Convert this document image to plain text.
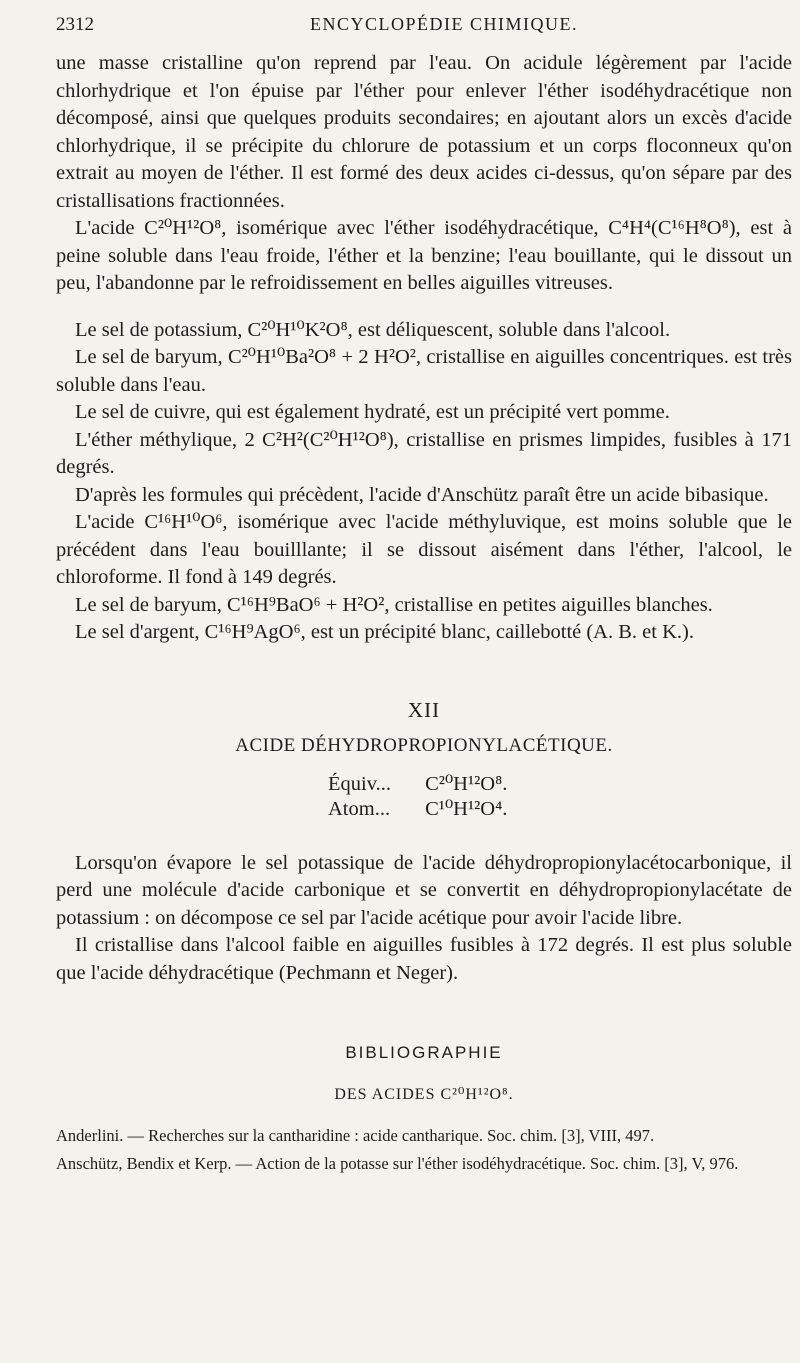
2312	ENCYCLOPÉDIE CHIMIQUE.

une masse cristalline qu'on reprend par l'eau. On acidule légèrement par l'acide chlorhydrique et l'on épuise par l'éther pour enlever l'éther isodéhydracétique non décomposé, ainsi que quelques produits secondaires; en ajoutant alors un excès d'acide chlorhydrique, il se précipite du chlorure de potassium et un corps floconneux qu'on extrait au moyen de l'éther. Il est formé des deux acides ci-dessus, qu'on sépare par des cristallisations fractionnées.

L'acide C²⁰H¹²O⁸, isomérique avec l'éther isodéhydracétique, C⁴H⁴(C¹⁶H⁸O⁸), est à peine soluble dans l'eau froide, l'éther et la benzine; l'eau bouillante, qui le dissout un peu, l'abandonne par le refroidissement en belles aiguilles vitreuses.

Le sel de potassium, C²⁰H¹⁰K²O⁸, est déliquescent, soluble dans l'alcool.

Le sel de baryum, C²⁰H¹⁰Ba²O⁸ + 2 H²O², cristallise en aiguilles concentriques. est très soluble dans l'eau.

Le sel de cuivre, qui est également hydraté, est un précipité vert pomme.

L'éther méthylique, 2 C²H²(C²⁰H¹²O⁸), cristallise en prismes limpides, fusibles à 171 degrés.

D'après les formules qui précèdent, l'acide d'Anschütz paraît être un acide bibasique.

L'acide C¹⁶H¹⁰O⁶, isomérique avec l'acide méthyluvique, est moins soluble que le précédent dans l'eau bouilllante; il se dissout aisément dans l'éther, l'alcool, le chloroforme. Il fond à 149 degrés.

Le sel de baryum, C¹⁶H⁹BaO⁶ + H²O², cristallise en petites aiguilles blanches.

Le sel d'argent, C¹⁶H⁹AgO⁶, est un précipité blanc, caillebotté (A. B. et K.).

XII
ACIDE DÉHYDROPROPIONYLACÉTIQUE.
Équiv... C²⁰H¹²O⁸.
Atom... C¹⁰H¹²O⁴.

Lorsqu'on évapore le sel potassique de l'acide déhydropropionylacétocarbonique, il perd une molécule d'acide carbonique et se convertit en déhydropropionylacétate de potassium : on décompose ce sel par l'acide acétique pour avoir l'acide libre.

Il cristallise dans l'alcool faible en aiguilles fusibles à 172 degrés. Il est plus soluble que l'acide déhydracétique (Pechmann et Neger).

BIBLIOGRAPHIE
DES ACIDES C²⁰H¹²O⁸.

Anderlini. — Recherches sur la cantharidine : acide cantharique. Soc. chim. [3], VIII, 497.

Anschütz, Bendix et Kerp. — Action de la potasse sur l'éther isodéhydracétique. Soc. chim. [3], V, 976.
